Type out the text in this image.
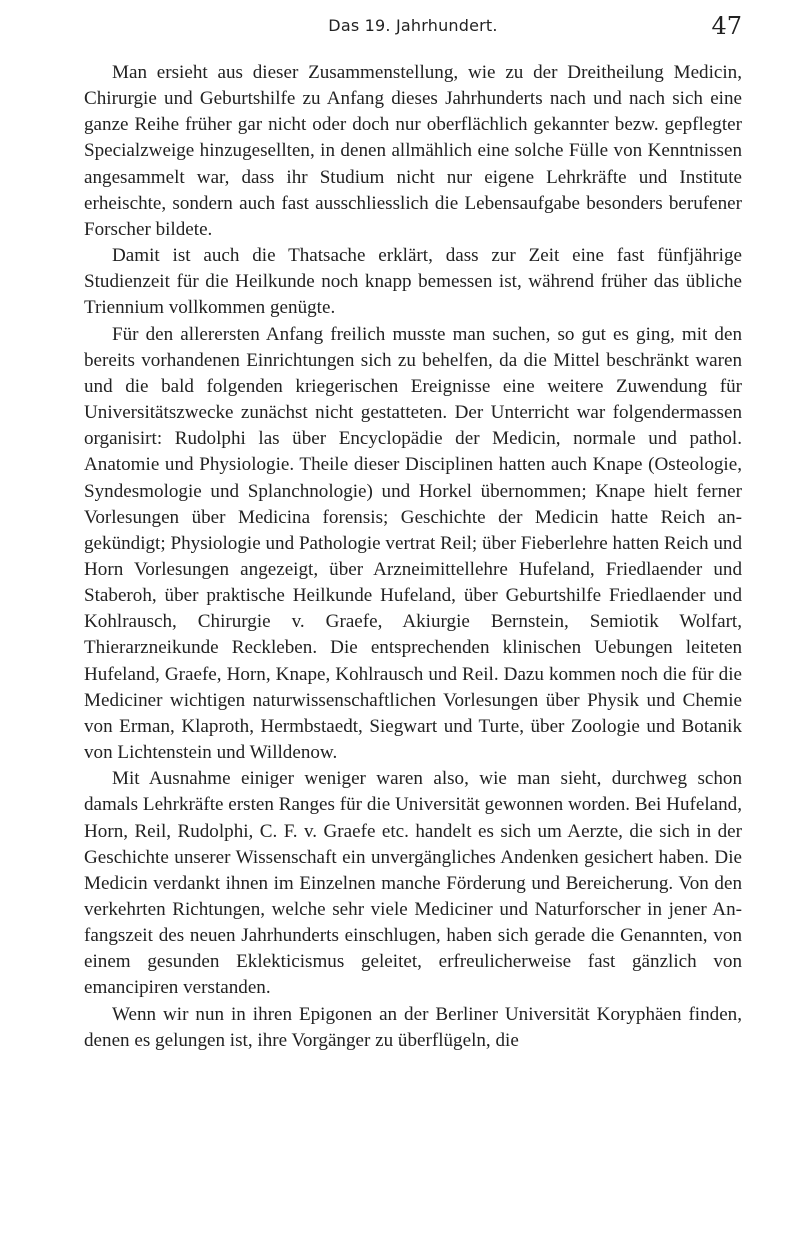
Das 19. Jahrhundert.	47

Man ersieht aus dieser Zusammenstellung, wie zu der Dreitheilung Medicin, Chirurgie und Geburtshilfe zu Anfang dieses Jahrhunderts nach und nach sich eine ganze Reihe früher gar nicht oder doch nur oberflächlich gekannter bezw. gepflegter Specialzweige hinzugesellten, in denen allmählich eine solche Fülle von Kenntnissen angesammelt war, dass ihr Studium nicht nur eigene Lehrkräfte und Institute erheischte, sondern auch fast ausschliesslich die Lebensaufgabe besonders berufener Forscher bildete.

Damit ist auch die Thatsache erklärt, dass zur Zeit eine fast fünfjährige Studienzeit für die Heilkunde noch knapp bemessen ist, während früher das übliche Triennium vollkommen genügte.

Für den allerersten Anfang freilich musste man suchen, so gut es ging, mit den bereits vorhandenen Einrichtungen sich zu behelfen, da die Mittel beschränkt waren und die bald folgenden kriegerischen Ereignisse eine weitere Zuwendung für Universitätszwecke zunächst nicht gestatteten. Der Unterricht war folgendermassen organisirt: Rudolphi las über Encyclopädie der Medicin, normale und pathol. Anatomie und Physiologie. Theile dieser Disciplinen hatten auch Knape (Osteologie, Syndesmologie und Splanchnologie) und Horkel übernommen; Knape hielt ferner Vorlesungen über Medicina forensis; Geschichte der Medicin hatte Reich angekündigt; Physiologie und Pathologie vertrat Reil; über Fieberlehre hatten Reich und Horn Vorlesungen angezeigt, über Arzneimittellehre Hufeland, Friedlaender und Staberoh, über praktische Heilkunde Hufeland, über Geburtshilfe Friedlaender und Kohlrausch, Chirurgie v. Graefe, Akiurgie Bernstein, Semiotik Wolfart, Thierarzneikunde Reckleben. Die entsprechenden klinischen Uebungen leiteten Hufeland, Graefe, Horn, Knape, Kohlrausch und Reil. Dazu kommen noch die für die Mediciner wichtigen naturwissenschaftlichen Vorlesungen über Physik und Chemie von Erman, Klaproth, Hermbstaedt, Siegwart und Turte, über Zoologie und Botanik von Lichtenstein und Willdenow.

Mit Ausnahme einiger weniger waren also, wie man sieht, durchweg schon damals Lehrkräfte ersten Ranges für die Universität gewonnen worden. Bei Hufeland, Horn, Reil, Rudolphi, C. F. v. Graefe etc. handelt es sich um Aerzte, die sich in der Geschichte unserer Wissenschaft ein unvergängliches Andenken gesichert haben. Die Medicin verdankt ihnen im Einzelnen manche Förderung und Bereicherung. Von den verkehrten Richtungen, welche sehr viele Mediciner und Naturforscher in jener Anfangszeit des neuen Jahrhunderts einschlugen, haben sich gerade die Genannten, von einem gesunden Eklekticismus geleitet, erfreulicherweise fast gänzlich von emancipiren verstanden.

Wenn wir nun in ihren Epigonen an der Berliner Universität Koryphäen finden, denen es gelungen ist, ihre Vorgänger zu überflügeln, die
